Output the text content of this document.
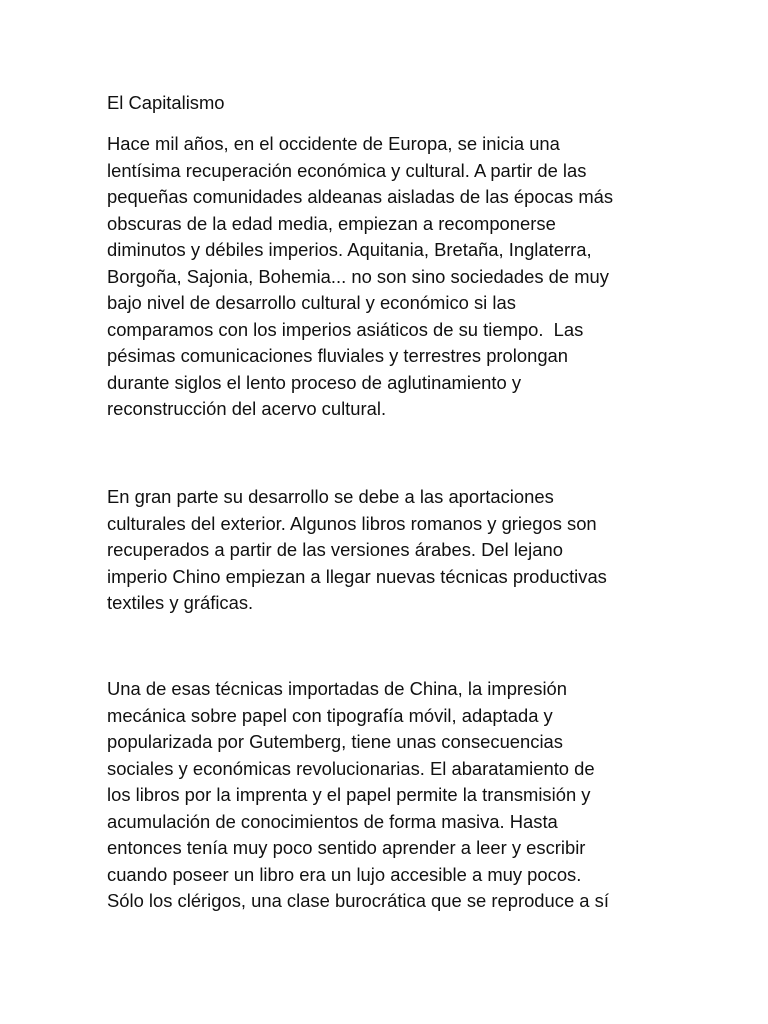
El Capitalismo
Hace mil años, en el occidente de Europa, se inicia una
lentísima recuperación económica y cultural. A partir de las
pequeñas comunidades aldeanas aisladas de las épocas más
obscuras de la edad media, empiezan a recomponerse
diminutos y débiles imperios. Aquitania, Bretaña, Inglaterra,
Borgoña, Sajonia, Bohemia... no son sino sociedades de muy
bajo nivel de desarrollo cultural y económico si las
comparamos con los imperios asiáticos de su tiempo.  Las
pésimas comunicaciones fluviales y terrestres prolongan
durante siglos el lento proceso de aglutinamiento y
reconstrucción del acervo cultural.
En gran parte su desarrollo se debe a las aportaciones
culturales del exterior. Algunos libros romanos y griegos son
recuperados a partir de las versiones árabes. Del lejano
imperio Chino empiezan a llegar nuevas técnicas productivas
textiles y gráficas.
Una de esas técnicas importadas de China, la impresión
mecánica sobre papel con tipografía móvil, adaptada y
popularizada por Gutemberg, tiene unas consecuencias
sociales y económicas revolucionarias. El abaratamiento de
los libros por la imprenta y el papel permite la transmisión y
acumulación de conocimientos de forma masiva. Hasta
entonces tenía muy poco sentido aprender a leer y escribir
cuando poseer un libro era un lujo accesible a muy pocos.
Sólo los clérigos, una clase burocrática que se reproduce a sí
